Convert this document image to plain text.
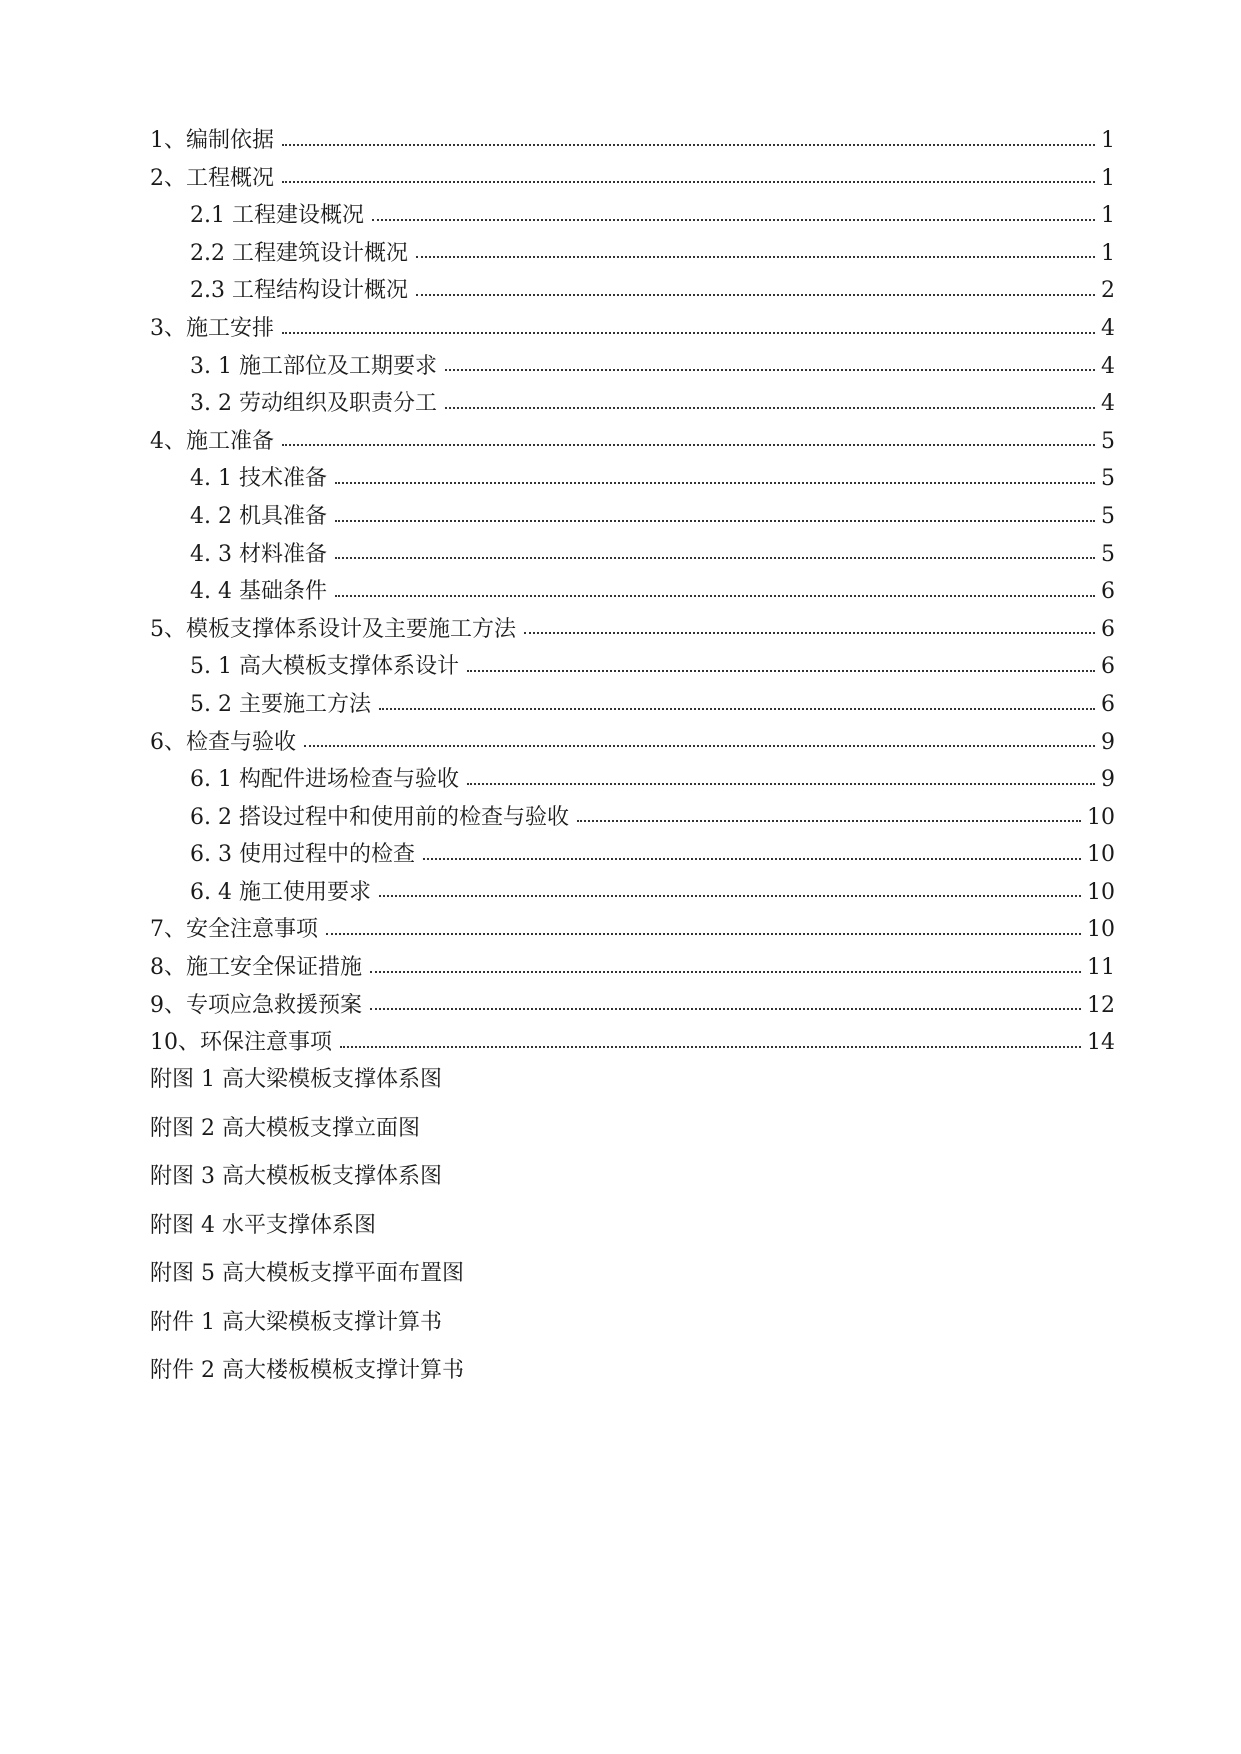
1、编制依据	1
2、工程概况	1
2.1 工程建设概况	1
2.2 工程建筑设计概况	1
2.3 工程结构设计概况	2
3、施工安排	4
3. 1 施工部位及工期要求	4
3. 2 劳动组织及职责分工	4
4、施工准备	5
4. 1 技术准备	5
4. 2 机具准备	5
4. 3 材料准备	5
4. 4 基础条件	6
5、模板支撑体系设计及主要施工方法	6
5. 1 高大模板支撑体系设计	6
5. 2 主要施工方法	6
6、检查与验收	9
6. 1 构配件进场检查与验收	9
6. 2 搭设过程中和使用前的检查与验收	10
6. 3 使用过程中的检查	10
6. 4 施工使用要求	10
7、安全注意事项	10
8、施工安全保证措施	11
9、专项应急救援预案	12
10、环保注意事项	14
附图 1 高大梁模板支撑体系图
附图 2 高大模板支撑立面图
附图 3 高大模板板支撑体系图
附图 4 水平支撑体系图
附图 5 高大模板支撑平面布置图
附件 1 高大梁模板支撑计算书
附件 2 高大楼板模板支撑计算书
